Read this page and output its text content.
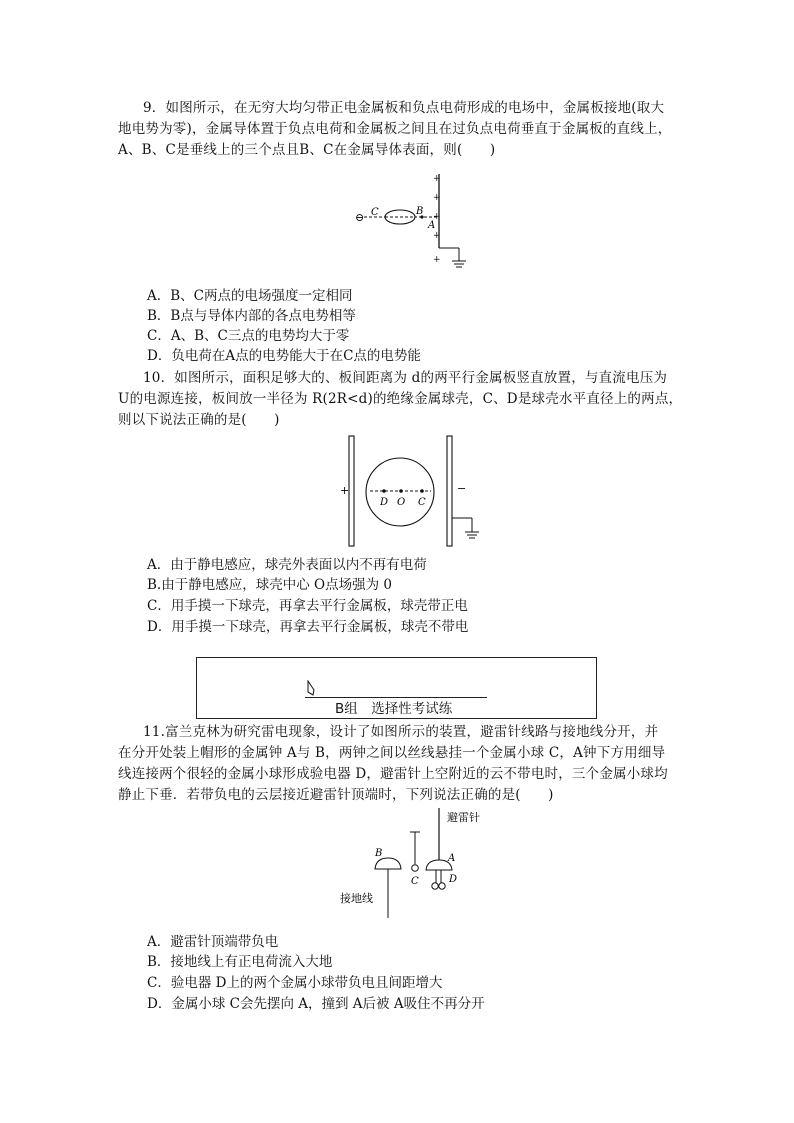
9．如图所示，在无穷大均匀带正电金属板和负点电荷形成的电场中，金属板接地(取大
地电势为零)，金属导体置于负点电荷和金属板之间且在过负点电荷垂直于金属板的直线上，
A、B、C是垂线上的三个点且B、C在金属导体表面，则(　　)
+
+
+
+
+
⊖ C	B
A
A．B、C两点的电场强度一定相同
B．B点与导体内部的各点电势相等
C．A、B、C三点的电势均大于零
D．负电荷在A点的电势能大于在C点的电势能
10．如图所示，面积足够大的、板间距离为 d的两平行金属板竖直放置，与直流电压为
U的电源连接，板间放一半径为 R(2R<d)的绝缘金属球壳，C、D是球壳水平直径上的两点，
则以下说法正确的是(　　)
+	−
D O C
A．由于静电感应，球壳外表面以内不再有电荷
B.由于静电感应，球壳中心 O点场强为 0
C．用手摸一下球壳，再拿去平行金属板，球壳带正电
D．用手摸一下球壳，再拿去平行金属板，球壳不带电
B组　选择性考试练
11.富兰克林为研究雷电现象，设计了如图所示的装置，避雷针线路与接地线分开，并
在分开处装上帽形的金属钟 A与 B，两钟之间以丝线悬挂一个金属小球 C，A钟下方用细导
线连接两个很轻的金属小球形成验电器 D，避雷针上空附近的云不带电时，三个金属小球均
静止下垂．若带负电的云层接近避雷针顶端时，下列说法正确的是(　　)
避雷针
B
C
A
D
接地线
A．避雷针顶端带负电
B．接地线上有正电荷流入大地
C．验电器 D上的两个金属小球带负电且间距增大
D．金属小球 C会先摆向 A，撞到 A后被 A吸住不再分开
